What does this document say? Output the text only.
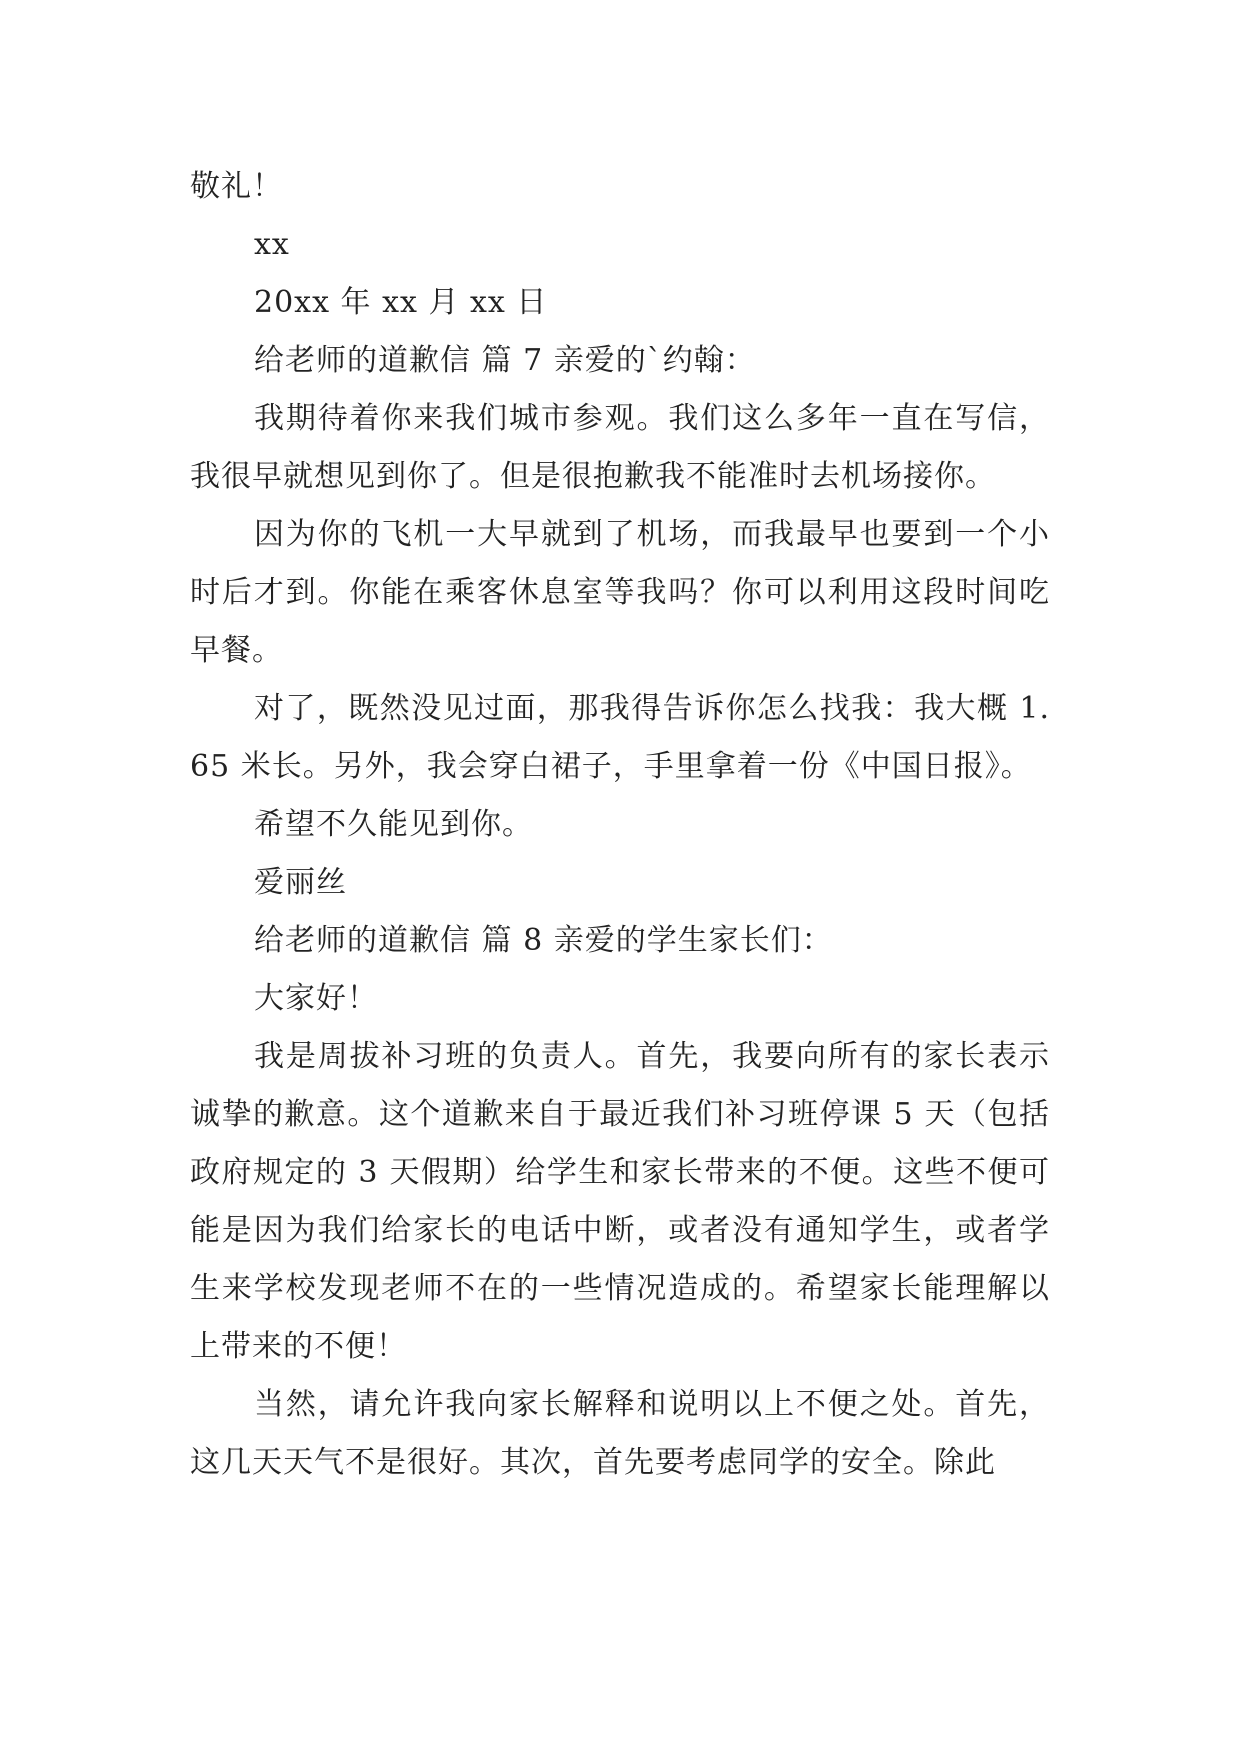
敬礼！

xx

20xx 年 xx 月 xx 日

给老师的道歉信 篇 7 亲爱的`约翰：

我期待着你来我们城市参观。我们这么多年一直在写信，我很早就想见到你了。但是很抱歉我不能准时去机场接你。

因为你的飞机一大早就到了机场，而我最早也要到一个小时后才到。你能在乘客休息室等我吗？你可以利用这段时间吃早餐。

对了，既然没见过面，那我得告诉你怎么找我：我大概 1.65 米长。另外，我会穿白裙子，手里拿着一份《中国日报》。

希望不久能见到你。

爱丽丝

给老师的道歉信 篇 8 亲爱的学生家长们：

大家好！

我是周拔补习班的负责人。首先，我要向所有的家长表示诚挚的歉意。这个道歉来自于最近我们补习班停课 5 天（包括政府规定的 3 天假期）给学生和家长带来的不便。这些不便可能是因为我们给家长的电话中断，或者没有通知学生，或者学生来学校发现老师不在的一些情况造成的。希望家长能理解以上带来的不便！

当然，请允许我向家长解释和说明以上不便之处。首先，这几天天气不是很好。其次，首先要考虑同学的安全。除此
